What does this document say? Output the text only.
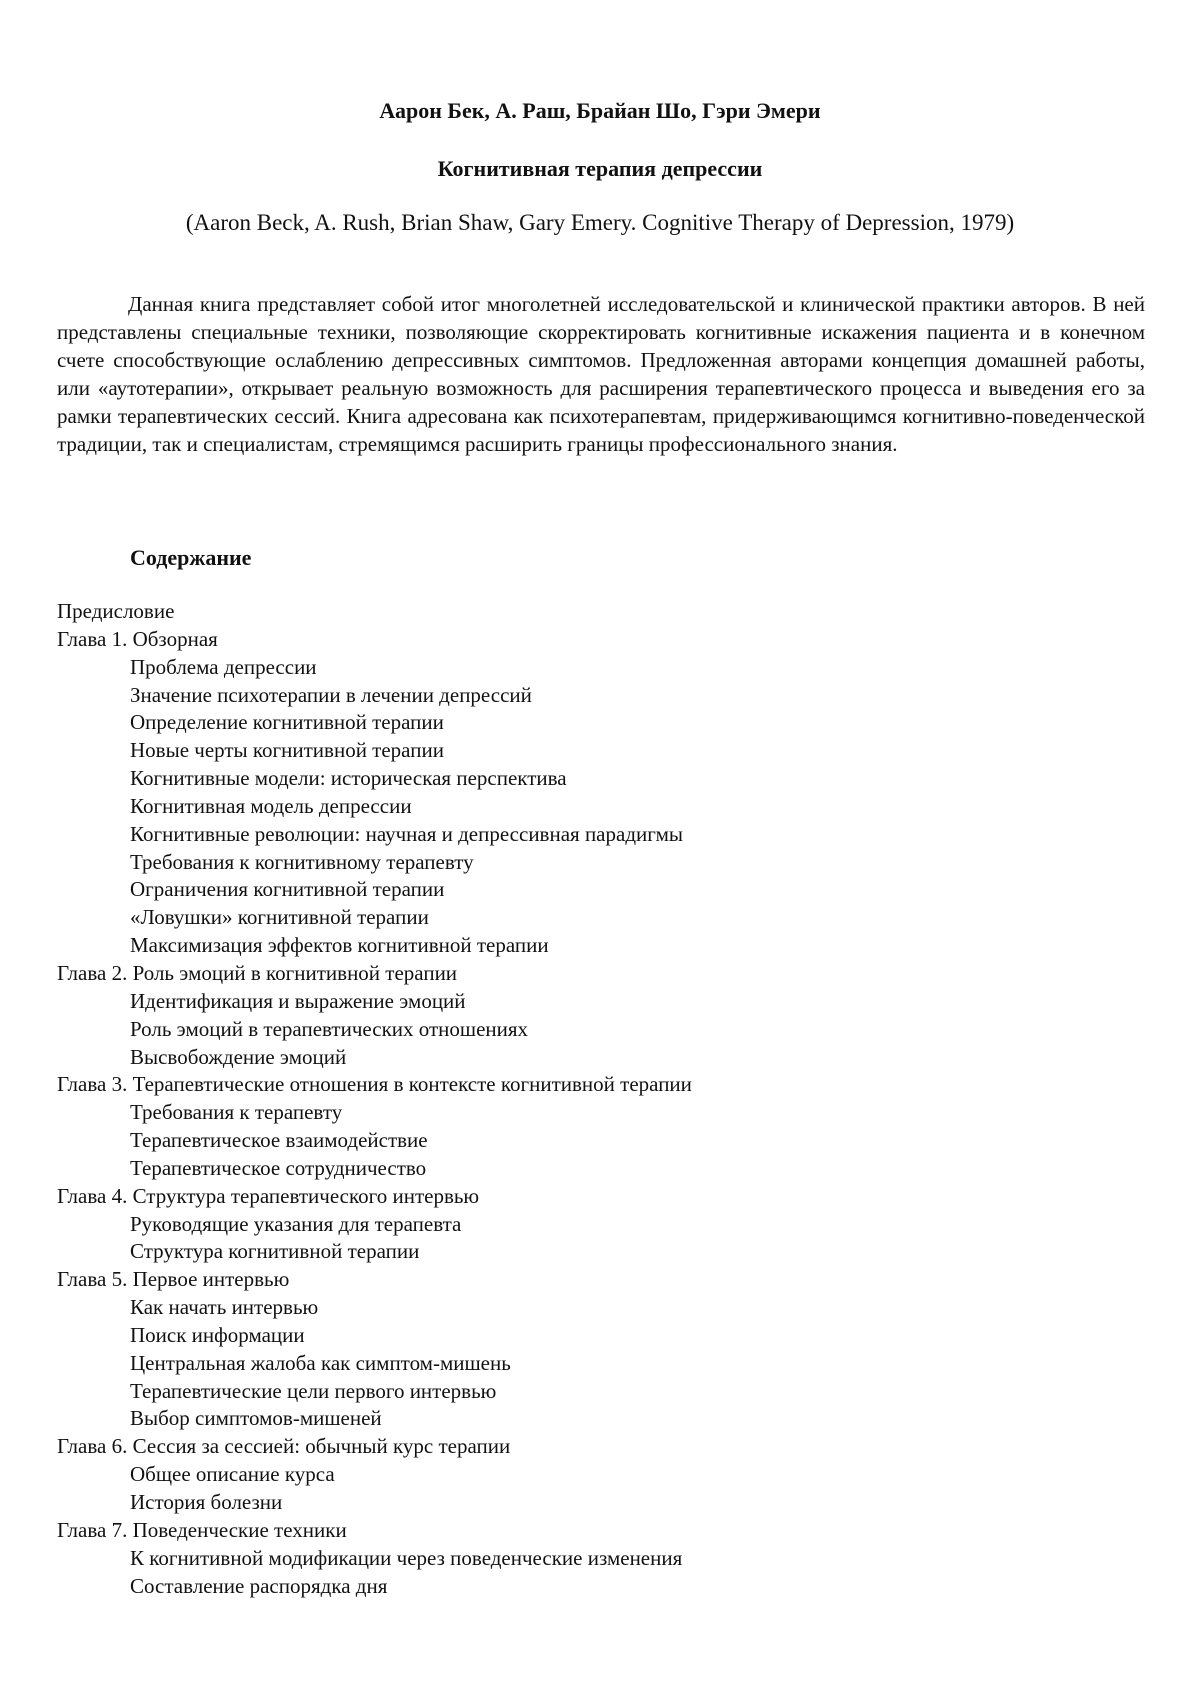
Аарон Бек, А. Раш, Брайан Шо, Гэри Эмери
Когнитивная терапия депрессии
(Aaron Beck, A. Rush, Brian Shaw, Gary Emery. Cognitive Therapy of Depression, 1979)

Данная книга представляет собой итог многолетней исследовательской и клинической практики авторов. В ней представлены специальные техники, позволяющие скорректировать когнитивные искажения пациента и в конечном счете способствующие ослаблению депрессивных симптомов. Предложенная авторами концепция домашней работы, или «аутотерапии», открывает реальную возможность для расширения терапевтического процесса и выведения его за рамки терапевтических сессий. Книга адресована как психотерапевтам, придерживающимся когнитивно-поведенческой традиции, так и специалистам, стремящимся расширить границы профессионального знания.

Содержание
Предисловие
Глава 1. Обзорная
Проблема депрессии
Значение психотерапии в лечении депрессий
Определение когнитивной терапии
Новые черты когнитивной терапии
Когнитивные модели: историческая перспектива
Когнитивная модель депрессии
Когнитивные революции: научная и депрессивная парадигмы
Требования к когнитивному терапевту
Ограничения когнитивной терапии
«Ловушки» когнитивной терапии
Максимизация эффектов когнитивной терапии
Глава 2. Роль эмоций в когнитивной терапии
Идентификация и выражение эмоций
Роль эмоций в терапевтических отношениях
Высвобождение эмоций
Глава 3. Терапевтические отношения в контексте когнитивной терапии
Требования к терапевту
Терапевтическое взаимодействие
Терапевтическое сотрудничество
Глава 4. Структура терапевтического интервью
Руководящие указания для терапевта
Структура когнитивной терапии
Глава 5. Первое интервью
Как начать интервью
Поиск информации
Центральная жалоба как симптом-мишень
Терапевтические цели первого интервью
Выбор симптомов-мишеней
Глава 6. Сессия за сессией: обычный курс терапии
Общее описание курса
История болезни
Глава 7. Поведенческие техники
К когнитивной модификации через поведенческие изменения
Составление распорядка дня
